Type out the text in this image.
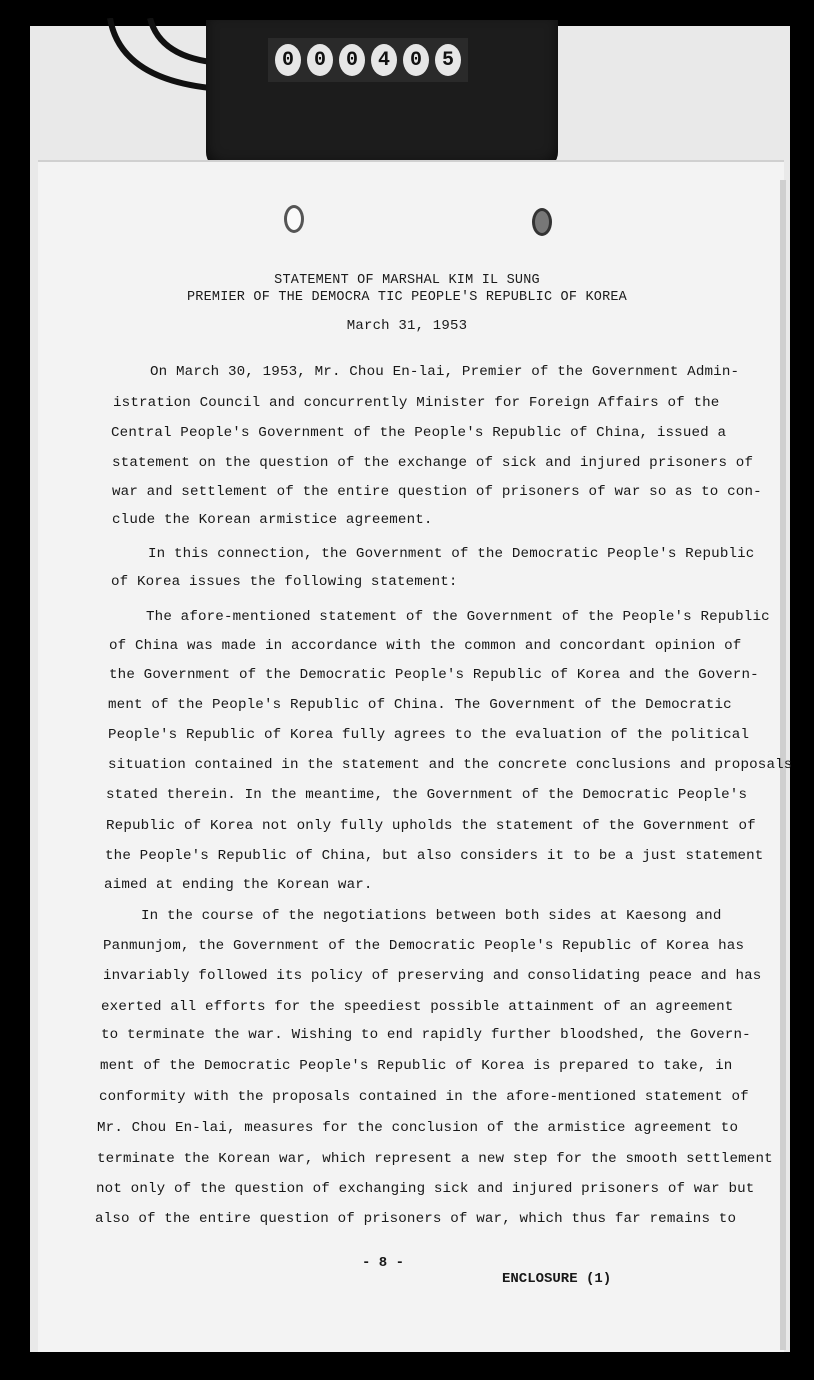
0 0 0 4 0 5
STATEMENT OF MARSHAL KIM IL SUNG
PREMIER OF THE DEMOCRA TIC PEOPLE'S REPUBLIC OF KOREA
March 31, 1953
On March 30, 1953, Mr. Chou En-lai, Premier of the Government Admin-
istration Council and concurrently Minister for Foreign Affairs of the
Central People's Government of the People's Republic of China, issued a
statement on the question of the exchange of sick and injured prisoners of
war and settlement of the entire question of prisoners of war so as to con-
clude the Korean armistice agreement.
In this connection, the Government of the Democratic People's Republic
of Korea issues the following statement:
The afore-mentioned statement of the Government of the People's Republic
of China was made in accordance with the common and concordant opinion of
the Government of the Democratic People's Republic of Korea and the Govern-
ment of the People's Republic of China. The Government of the Democratic
People's Republic of Korea fully agrees to the evaluation of the political
situation contained in the statement and the concrete conclusions and proposals
stated therein. In the meantime, the Government of the Democratic People's
Republic of Korea not only fully upholds the statement of the Government of
the People's Republic of China, but also considers it to be a just statement
aimed at ending the Korean war.
In the course of the negotiations between both sides at Kaesong and
Panmunjom, the Government of the Democratic People's Republic of Korea has
invariably followed its policy of preserving and consolidating peace and has
exerted all efforts for the speediest possible attainment of an agreement
to terminate the war. Wishing to end rapidly further bloodshed, the Govern-
ment of the Democratic People's Republic of Korea is prepared to take, in
conformity with the proposals contained in the afore-mentioned statement of
Mr. Chou En-lai, measures for the conclusion of the armistice agreement to
terminate the Korean war, which represent a new step for the smooth settlement
not only of the question of exchanging sick and injured prisoners of war but
also of the entire question of prisoners of war, which thus far remains to
- 8 -
ENCLOSURE (1)
